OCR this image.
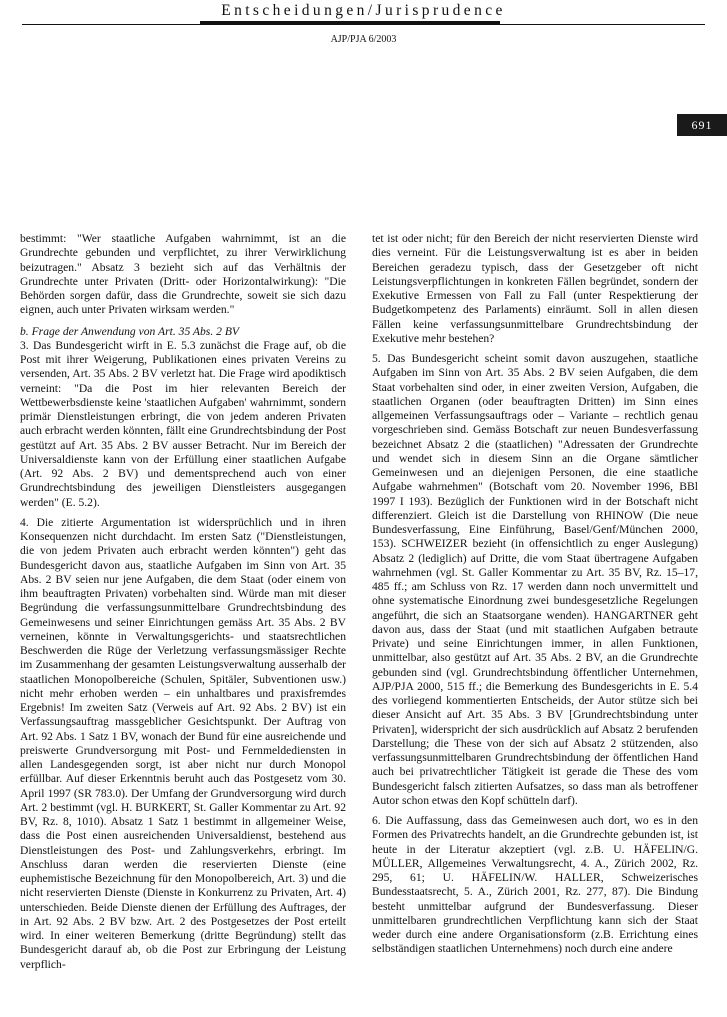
Entscheidungen/Jurisprudence
AJP/PJA 6/2003
691

bestimmt: "Wer staatliche Aufgaben wahrnimmt, ist an die Grundrechte gebunden und verpflichtet, zu ihrer Verwirklichung beizutragen." Absatz 3 bezieht sich auf das Verhältnis der Grundrechte unter Privaten (Dritt- oder Horizontalwirkung): "Die Behörden sorgen dafür, dass die Grundrechte, soweit sie sich dazu eignen, auch unter Privaten wirksam werden."

b. Frage der Anwendung von Art. 35 Abs. 2 BV

3. Das Bundesgericht wirft in E. 5.3 zunächst die Frage auf, ob die Post mit ihrer Weigerung, Publikationen eines privaten Vereins zu versenden, Art. 35 Abs. 2 BV verletzt hat. Die Frage wird apodiktisch verneint: "Da die Post im hier relevanten Bereich der Wettbewerbsdienste keine 'staatlichen Aufgaben' wahrnimmt, sondern primär Dienstleistungen erbringt, die von jedem anderen Privaten auch erbracht werden könnten, fällt eine Grundrechtsbindung der Post gestützt auf Art. 35 Abs. 2 BV ausser Betracht. Nur im Bereich der Universaldienste kann von der Erfüllung einer staatlichen Aufgabe (Art. 92 Abs. 2 BV) und dementsprechend auch von einer Grundrechtsbindung des jeweiligen Dienstleisters ausgegangen werden" (E. 5.2).

4. Die zitierte Argumentation ist widersprüchlich und in ihren Konsequenzen nicht durchdacht. Im ersten Satz ("Dienstleistungen, die von jedem Privaten auch erbracht werden könnten") geht das Bundesgericht davon aus, staatliche Aufgaben im Sinn von Art. 35 Abs. 2 BV seien nur jene Aufgaben, die dem Staat (oder einem von ihm beauftragten Privaten) vorbehalten sind. Würde man mit dieser Begründung die verfassungsunmittelbare Grundrechtsbindung des Gemeinwesens und seiner Einrichtungen gemäss Art. 35 Abs. 2 BV verneinen, könnte in Verwaltungsgerichts- und staatsrechtlichen Beschwerden die Rüge der Verletzung verfassungsmässiger Rechte im Zusammenhang der gesamten Leistungsverwaltung ausserhalb der staatlichen Monopolbereiche (Schulen, Spitäler, Subventionen usw.) nicht mehr erhoben werden – ein unhaltbares und praxisfremdes Ergebnis! Im zweiten Satz (Verweis auf Art. 92 Abs. 2 BV) ist ein Verfassungsauftrag massgeblicher Gesichtspunkt. Der Auftrag von Art. 92 Abs. 1 Satz 1 BV, wonach der Bund für eine ausreichende und preiswerte Grundversorgung mit Post- und Fernmeldediensten in allen Landesgegenden sorgt, ist aber nicht nur durch Monopol erfüllbar. Auf dieser Erkenntnis beruht auch das Postgesetz vom 30. April 1997 (SR 783.0). Der Umfang der Grundversorgung wird durch Art. 2 bestimmt (vgl. H. BURKERT, St. Galler Kommentar zu Art. 92 BV, Rz. 8, 1010). Absatz 1 Satz 1 bestimmt in allgemeiner Weise, dass die Post einen ausreichenden Universaldienst, bestehend aus Dienstleistungen des Post- und Zahlungsverkehrs, erbringt. Im Anschluss daran werden die reservierten Dienste (eine euphemistische Bezeichnung für den Monopolbereich, Art. 3) und die nicht reservierten Dienste (Dienste in Konkurrenz zu Privaten, Art. 4) unterschieden. Beide Dienste dienen der Erfüllung des Auftrages, der in Art. 92 Abs. 2 BV bzw. Art. 2 des Postgesetzes der Post erteilt wird. In einer weiteren Bemerkung (dritte Begründung) stellt das Bundesgericht darauf ab, ob die Post zur Erbringung der Leistung verpflich-

tet ist oder nicht; für den Bereich der nicht reservierten Dienste wird dies verneint. Für die Leistungsverwaltung ist es aber in beiden Bereichen geradezu typisch, dass der Gesetzgeber oft nicht Leistungsverpflichtungen in konkreten Fällen begründet, sondern der Exekutive Ermessen von Fall zu Fall (unter Respektierung der Budgetkompetenz des Parlaments) einräumt. Soll in allen diesen Fällen keine verfassungsunmittelbare Grundrechtsbindung der Exekutive mehr bestehen?

5. Das Bundesgericht scheint somit davon auszugehen, staatliche Aufgaben im Sinn von Art. 35 Abs. 2 BV seien Aufgaben, die dem Staat vorbehalten sind oder, in einer zweiten Version, Aufgaben, die staatlichen Organen (oder beauftragten Dritten) im Sinn eines allgemeinen Verfassungsauftrags oder – Variante – rechtlich genau vorgeschrieben sind. Gemäss Botschaft zur neuen Bundesverfassung bezeichnet Absatz 2 die (staatlichen) "Adressaten der Grundrechte und wendet sich in diesem Sinn an die Organe sämtlicher Gemeinwesen und an diejenigen Personen, die eine staatliche Aufgabe wahrnehmen" (Botschaft vom 20. November 1996, BBl 1997 I 193). Bezüglich der Funktionen wird in der Botschaft nicht differenziert. Gleich ist die Darstellung von RHINOW (Die neue Bundesverfassung, Eine Einführung, Basel/Genf/München 2000, 153). SCHWEIZER bezieht (in offensichtlich zu enger Auslegung) Absatz 2 (lediglich) auf Dritte, die vom Staat übertragene Aufgaben wahrnehmen (vgl. St. Galler Kommentar zu Art. 35 BV, Rz. 15–17, 485 ff.; am Schluss von Rz. 17 werden dann noch unvermittelt und ohne systematische Einordnung zwei bundesgesetzliche Regelungen angeführt, die sich an Staatsorgane wenden). HANGARTNER geht davon aus, dass der Staat (und mit staatlichen Aufgaben betraute Private) und seine Einrichtungen immer, in allen Funktionen, unmittelbar, also gestützt auf Art. 35 Abs. 2 BV, an die Grundrechte gebunden sind (vgl. Grundrechtsbindung öffentlicher Unternehmen, AJP/PJA 2000, 515 ff.; die Bemerkung des Bundesgerichts in E. 5.4 des vorliegend kommentierten Entscheids, der Autor stütze sich bei dieser Ansicht auf Art. 35 Abs. 3 BV [Grundrechtsbindung unter Privaten], widerspricht der sich ausdrücklich auf Absatz 2 berufenden Darstellung; die These von der sich auf Absatz 2 stützenden, also verfassungsunmittelbaren Grundrechtsbindung der öffentlichen Hand auch bei privatrechtlicher Tätigkeit ist gerade die These des vom Bundesgericht falsch zitierten Aufsatzes, so dass man als betroffener Autor schon etwas den Kopf schütteln darf).

6. Die Auffassung, dass das Gemeinwesen auch dort, wo es in den Formen des Privatrechts handelt, an die Grundrechte gebunden ist, ist heute in der Literatur akzeptiert (vgl. z.B. U. HÄFELIN/G. MÜLLER, Allgemeines Verwaltungsrecht, 4. A., Zürich 2002, Rz. 295, 61; U. HÄFELIN/W. HALLER, Schweizerisches Bundesstaatsrecht, 5. A., Zürich 2001, Rz. 277, 87). Die Bindung besteht unmittelbar aufgrund der Bundesverfassung. Dieser unmittelbaren grundrechtlichen Verpflichtung kann sich der Staat weder durch eine andere Organisationsform (z.B. Errichtung eines selbständigen staatlichen Unternehmens) noch durch eine andere
